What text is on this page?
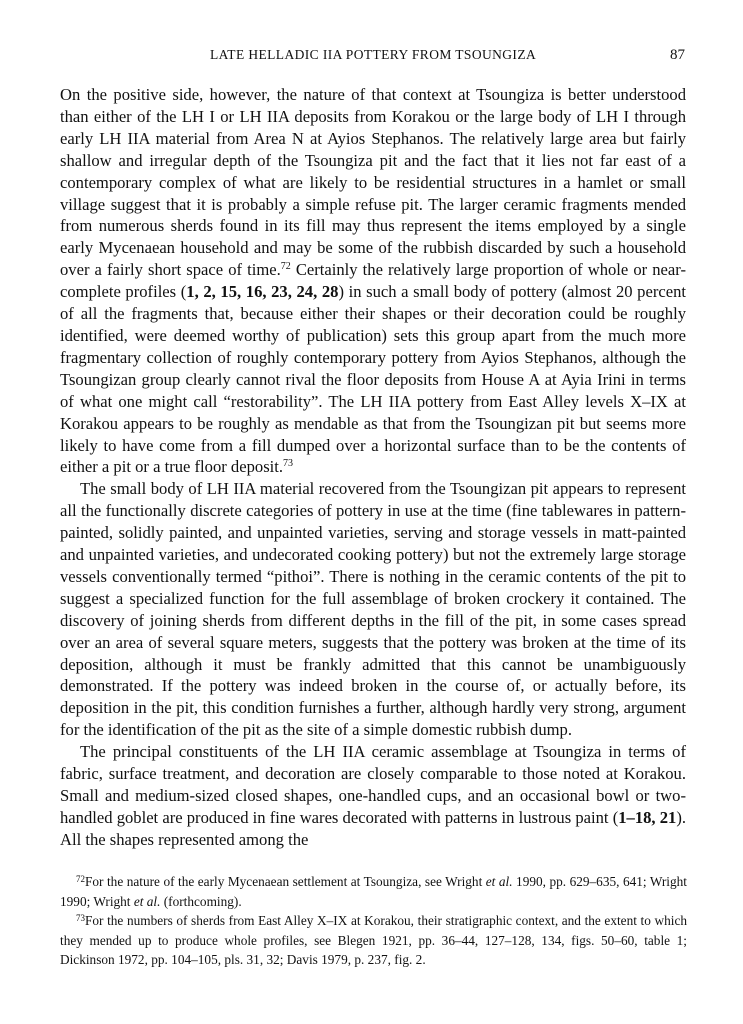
LATE HELLADIC IIA POTTERY FROM TSOUNGIZA	87

On the positive side, however, the nature of that context at Tsoungiza is better understood than either of the LH I or LH IIA deposits from Korakou or the large body of LH I through early LH IIA material from Area N at Ayios Stephanos. The relatively large area but fairly shallow and irregular depth of the Tsoungiza pit and the fact that it lies not far east of a contemporary complex of what are likely to be residential structures in a hamlet or small village suggest that it is probably a simple refuse pit. The larger ceramic fragments mended from numerous sherds found in its fill may thus represent the items employed by a single early Mycenaean household and may be some of the rubbish discarded by such a household over a fairly short space of time.$^{72}$ Certainly the relatively large proportion of whole or near-complete profiles (1, 2, 15, 16, 23, 24, 28) in such a small body of pottery (almost 20 percent of all the fragments that, because either their shapes or their decoration could be roughly identified, were deemed worthy of publication) sets this group apart from the much more fragmentary collection of roughly contemporary pottery from Ayios Stephanos, although the Tsoungizan group clearly cannot rival the floor deposits from House A at Ayia Irini in terms of what one might call “restorability”. The LH IIA pottery from East Alley levels X–IX at Korakou appears to be roughly as mendable as that from the Tsoungizan pit but seems more likely to have come from a fill dumped over a horizontal surface than to be the contents of either a pit or a true floor deposit.$^{73}$

The small body of LH IIA material recovered from the Tsoungizan pit appears to represent all the functionally discrete categories of pottery in use at the time (fine tablewares in pattern-painted, solidly painted, and unpainted varieties, serving and storage vessels in matt-painted and unpainted varieties, and undecorated cooking pottery) but not the extremely large storage vessels conventionally termed “pithoi”. There is nothing in the ceramic contents of the pit to suggest a specialized function for the full assemblage of broken crockery it contained. The discovery of joining sherds from different depths in the fill of the pit, in some cases spread over an area of several square meters, suggests that the pottery was broken at the time of its deposition, although it must be frankly admitted that this cannot be unambiguously demonstrated. If the pottery was indeed broken in the course of, or actually before, its deposition in the pit, this condition furnishes a further, although hardly very strong, argument for the identification of the pit as the site of a simple domestic rubbish dump.

The principal constituents of the LH IIA ceramic assemblage at Tsoungiza in terms of fabric, surface treatment, and decoration are closely comparable to those noted at Korakou. Small and medium-sized closed shapes, one-handled cups, and an occasional bowl or two-handled goblet are produced in fine wares decorated with patterns in lustrous paint (1–18, 21). All the shapes represented among the

$^{72}$For the nature of the early Mycenaean settlement at Tsoungiza, see Wright et al. 1990, pp. 629–635, 641; Wright 1990; Wright et al. (forthcoming).

$^{73}$For the numbers of sherds from East Alley X–IX at Korakou, their stratigraphic context, and the extent to which they mended up to produce whole profiles, see Blegen 1921, pp. 36–44, 127–128, 134, figs. 50–60, table 1; Dickinson 1972, pp. 104–105, pls. 31, 32; Davis 1979, p. 237, fig. 2.
